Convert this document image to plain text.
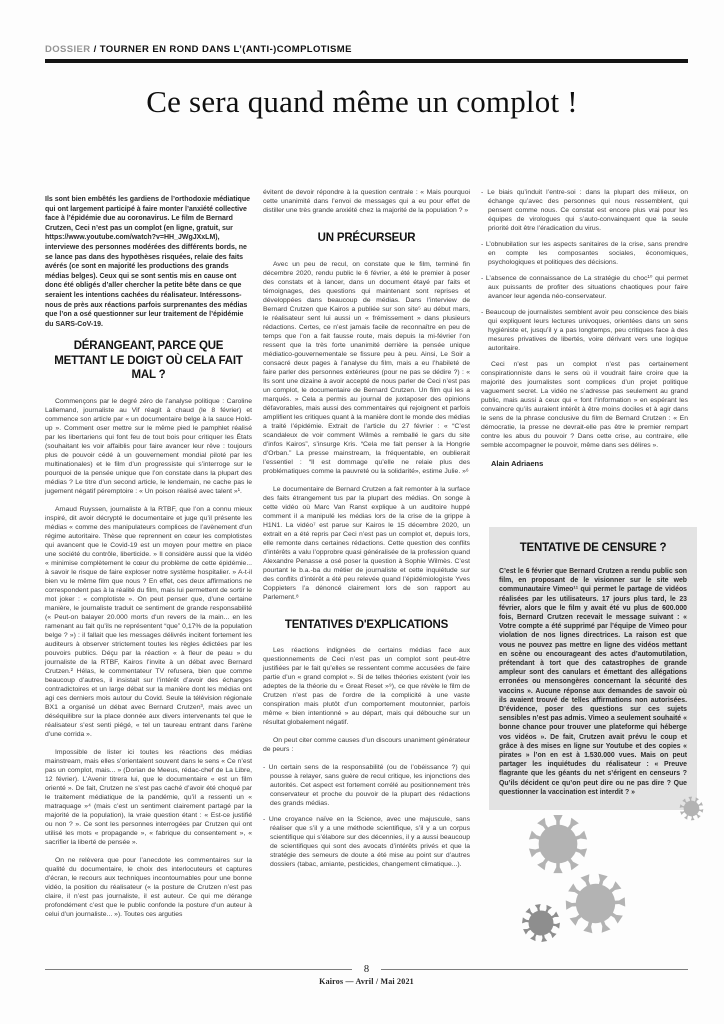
DOSSIER / TOURNER EN ROND DANS L’(ANTI-)COMPLOTISME
Ce sera quand même un complot !

Ils sont bien embêtés les gardiens de l’orthodoxie médiatique qui ont largement participé à faire monter l’anxiété collective face à l’épidémie due au coronavirus. Le film de Bernard Crutzen, Ceci n’est pas un complot (en ligne, gratuit, sur https://www.youtube.com/watch?v=HH_JWgJXxLM), interviewe des personnes modérées des différents bords, ne se lance pas dans des hypothèses risquées, relaie des faits avérés (ce sont en majorité les productions des grands médias belges). Ceux qui se sont sentis mis en cause ont donc été obligés d’aller chercher la petite bête dans ce que seraient les intentions cachées du réalisateur. Intéressons-nous de près aux réactions parfois surprenantes des médias que l’on a osé questionner sur leur traitement de l’épidémie du SARS-CoV-19.

DÉRANGEANT, PARCE QUE METTANT LE DOIGT OÙ CELA FAIT MAL ?

Commençons par le degré zéro de l’analyse politique : Caroline Lallemand, journaliste au Vif réagit à chaud (le 8 février) et commence son article par « un documentaire belge à la sauce Hold-up ». Comment oser mettre sur le même pied le pamphlet réalisé par les libertariens qui font feu de tout bois pour critiquer les États (souhaitant les voir affaiblis pour faire avancer leur rêve : toujours plus de pouvoir cédé à un gouvernement mondial piloté par les multinationales) et le film d’un progressiste qui s’interroge sur le pourquoi de la pensée unique que l’on constate dans la plupart des médias ? Le titre d’un second article, le lendemain, ne cache pas le jugement négatif péremptoire : « Un poison réalisé avec talent »¹.

Arnaud Ruyssen, journaliste à la RTBF, que l’on a connu mieux inspiré, dit avoir décrypté le documentaire et juge qu’il présente les médias « comme des manipulateurs complices de l’avènement d’un régime autoritaire. Thèse que reprennent en cœur les complotistes qui avancent que le Covid-19 est un moyen pour mettre en place une société du contrôle, liberticide. » Il considère aussi que la vidéo « minimise complètement le cœur du problème de cette épidémie... à savoir le risque de faire exploser notre système hospitalier. » A-t-il bien vu le même film que nous ? En effet, ces deux affirmations ne correspondent pas à la réalité du film, mais lui permettent de sortir le mot joker : « complotiste ». On peut penser que, d’une certaine manière, le journaliste traduit ce sentiment de grande responsabilité (« Peut-on balayer 20.000 morts d’un revers de la main... en les ramenant au fait qu’ils ne représentent “que” 0,17% de la population belge ? ») : il fallait que les messages délivrés incitent fortement les auditeurs à observer strictement toutes les règles édictées par les pouvoirs publics. Déçu par la réaction « à fleur de peau » du journaliste de la RTBF, Kairos l’invite à un débat avec Bernard Crutzen.² Hélas, le commentateur TV refusera, bien que comme beaucoup d’autres, il insistait sur l’intérêt d’avoir des échanges contradictoires et un large débat sur la manière dont les médias ont agi ces derniers mois autour du Covid. Seule la télévision régionale BX1 a organisé un débat avec Bernard Crutzen³, mais avec un déséquilibre sur la place donnée aux divers intervenants tel que le réalisateur s’est senti piégé, « tel un taureau entrant dans l’arène d’une corrida ».

Impossible de lister ici toutes les réactions des médias mainstream, mais elles s’orientaient souvent dans le sens « Ce n’est pas un complot, mais... » (Dorian de Meeus, rédac-chef de La Libre, 12 février). L’Avenir titrera lui, que le documentaire « est un film orienté ». De fait, Crutzen ne s’est pas caché d’avoir été choqué par le traitement médiatique de la pandémie, qu’il a ressenti un « matraquage »⁴ (mais c’est un sentiment clairement partagé par la majorité de la population), la vraie question étant : « Est-ce justifié ou non ? ». Ce sont les personnes interrogées par Crutzen qui ont utilisé les mots « propagande », « fabrique du consentement », « sacrifier la liberté de pensée ».

On ne relèvera que pour l’anecdote les commentaires sur la qualité du documentaire, le choix des interlocuteurs et captures d’écran, le recours aux techniques incontournables pour une bonne vidéo, la position du réalisateur (« la posture de Crutzen n’est pas claire, il n’est pas journaliste, il est auteur. Ce qui me dérange profondément c’est que le public confonde la posture d’un auteur à celui d’un journaliste... »). Toutes ces arguties

évitent de devoir répondre à la question centrale : « Mais pourquoi cette unanimité dans l’envoi de messages qui a eu pour effet de distiller une très grande anxiété chez la majorité de la population ? »

UN PRÉCURSEUR

Avec un peu de recul, on constate que le film, terminé fin décembre 2020, rendu public le 6 février, a été le premier à poser des constats et à lancer, dans un document étayé par faits et témoignages, des questions qui maintenant sont reprises et développées dans beaucoup de médias. Dans l’interview de Bernard Crutzen que Kairos a publiée sur son site⁵ au début mars, le réalisateur sent lui aussi un « frémissement » dans plusieurs rédactions. Certes, ce n’est jamais facile de reconnaître en peu de temps que l’on a fait fausse route, mais depuis la mi-février l’on ressent que la très forte unanimité derrière la pensée unique médiatico-gouvernementale se fissure peu à peu. Ainsi, Le Soir a consacré deux pages à l’analyse du film, mais a eu l’habileté de faire parler des personnes extérieures (pour ne pas se dédire ?) : « Ils sont une dizaine à avoir accepté de nous parler de Ceci n’est pas un complot, le documentaire de Bernard Crutzen. Un film qui les a marqués. » Cela a permis au journal de juxtaposer des opinions défavorables, mais aussi des commentaires qui rejoignent et parfois amplifient les critiques quant à la manière dont le monde des médias a traité l’épidémie. Extrait de l’article du 27 février : « “C’est scandaleux de voir comment Wilmès a remballé le gars du site d’infos Kairos”, s’insurge Kris. “Cela me fait penser à la Hongrie d’Orban.” La presse mainstream, la fréquentable, en oublierait l’essentiel : “Il est dommage qu’elle ne relaie plus des problématiques comme la pauvreté ou la solidarité», estime Julie. »⁶

Le documentaire de Bernard Crutzen a fait remonter à la surface des faits étrangement tus par la plupart des médias. On songe à cette vidéo où Marc Van Ranst explique à un auditoire huppé comment il a manipulé les médias lors de la crise de la grippe à H1N1. La vidéo⁷ est parue sur Kairos le 15 décembre 2020, un extrait en a été repris par Ceci n’est pas un complot et, depuis lors, elle remonte dans certaines rédactions. Cette question des conflits d’intérêts a valu l’opprobre quasi généralisée de la profession quand Alexandre Penasse a osé poser la question à Sophie Wilmès. C’est pourtant le b.a.-ba du métier de journaliste et cette inquiétude sur des conflits d’intérêt a été peu relevée quand l’épidémiologiste Yves Coppieters l’a dénoncé clairement lors de son rapport au Parlement.⁸

TENTATIVES D'EXPLICATIONS

Les réactions indignées de certains médias face aux questionnements de Ceci n’est pas un complot sont peut-être justifiées par le fait qu’elles se ressentent comme accusées de faire partie d’un « grand complot ». Si de telles théories existent (voir les adeptes de la théorie du « Great Reset »⁹), ce que révèle le film de Crutzen n’est pas de l’ordre de la complicité à une vaste conspiration mais plutôt d’un comportement moutonnier, parfois même « bien intentionné » au départ, mais qui débouche sur un résultat globalement négatif.

On peut citer comme causes d’un discours unaniment générateur de peurs :

- Un certain sens de la responsabilité (ou de l’obéissance ?) qui pousse à relayer, sans guère de recul critique, les injonctions des autorités. Cet aspect est fortement corrélé au positionnement très conservateur et proche du pouvoir de la plupart des rédactions des grands médias.

- Une croyance naïve en la Science, avec une majuscule, sans réaliser que s’il y a une méthode scientifique, s’il y a un corpus scientifique qui s’élabore sur des décennies, il y a aussi beaucoup de scientifiques qui sont des avocats d’intérêts privés et que la stratégie des semeurs de doute a été mise au point sur d’autres dossiers (tabac, amiante, pesticides, changement climatique...).

- Le biais qu’induit l’entre-soi : dans la plupart des milieux, on échange qu’avec des personnes qui nous ressemblent, qui pensent comme nous. Ce constat est encore plus vrai pour les équipes de virologues qui s’auto-convainquent que la seule priorité doit être l’éradication du virus.

- L’obnubilation sur les aspects sanitaires de la crise, sans prendre en compte les composantes sociales, économiques, psychologiques et politiques des décisions.

- L’absence de connaissance de La stratégie du choc¹⁰ qui permet aux puissants de profiter des situations chaotiques pour faire avancer leur agenda néo-conservateur.

- Beaucoup de journalistes semblent avoir peu conscience des biais qui expliquent leurs lectures univoques, orientées dans un sens hygiéniste et, jusqu’il y a pas longtemps, peu critiques face à des mesures privatives de libertés, voire dérivant vers une logique autoritaire.

Ceci n’est pas un complot n’est pas certainement conspirationniste dans le sens où il voudrait faire croire que la majorité des journalistes sont complices d’un projet politique vaguement secret. La vidéo ne s’adresse pas seulement au grand public, mais aussi à ceux qui « font l’information » en espérant les convaincre qu’ils auraient intérêt à être moins dociles et à agir dans le sens de la phrase conclusive du film de Bernard Crutzen : « En démocratie, la presse ne devrait-elle pas être le premier rempart contre les abus du pouvoir ? Dans cette crise, au contraire, elle semble accompagner le pouvoir, même dans ses délires ».

Alain Adriaens
TENTATIVE DE CENSURE ?

C’est le 6 février que Bernard Crutzen a rendu public son film, en proposant de le visionner sur le site web communautaire Vimeo¹¹ qui permet le partage de vidéos réalisées par les utilisateurs. 17 jours plus tard, le 23 février, alors que le film y avait été vu plus de 600.000 fois, Bernard Crutzen recevait le message suivant : « Votre compte a été supprimé par l’équipe de Vimeo pour violation de nos lignes directrices. La raison est que vous ne pouvez pas mettre en ligne des vidéos mettant en scène ou encourageant des actes d’automutilation, prétendant à tort que des catastrophes de grande ampleur sont des canulars et émettant des allégations erronées ou mensongères concernant la sécurité des vaccins ». Aucune réponse aux demandes de savoir où ils avaient trouvé de telles affirmations non autorisées. D’évidence, poser des questions sur ces sujets sensibles n’est pas admis. Vimeo a seulement souhaité « bonne chance pour trouver une plateforme qui héberge vos vidéos ». De fait, Crutzen avait prévu le coup et grâce à des mises en ligne sur Youtube et des copies « pirates » l’on en est à 1.530.000 vues. Mais on peut partager les inquiétudes du réalisateur : « Preuve flagrante que les géants du net s’érigent en censeurs ? Qu’ils décident ce qu’on peut dire ou ne pas dire ? Que questionner la vaccination est interdit ? »

8
Kairos — Avril / Mai 2021
